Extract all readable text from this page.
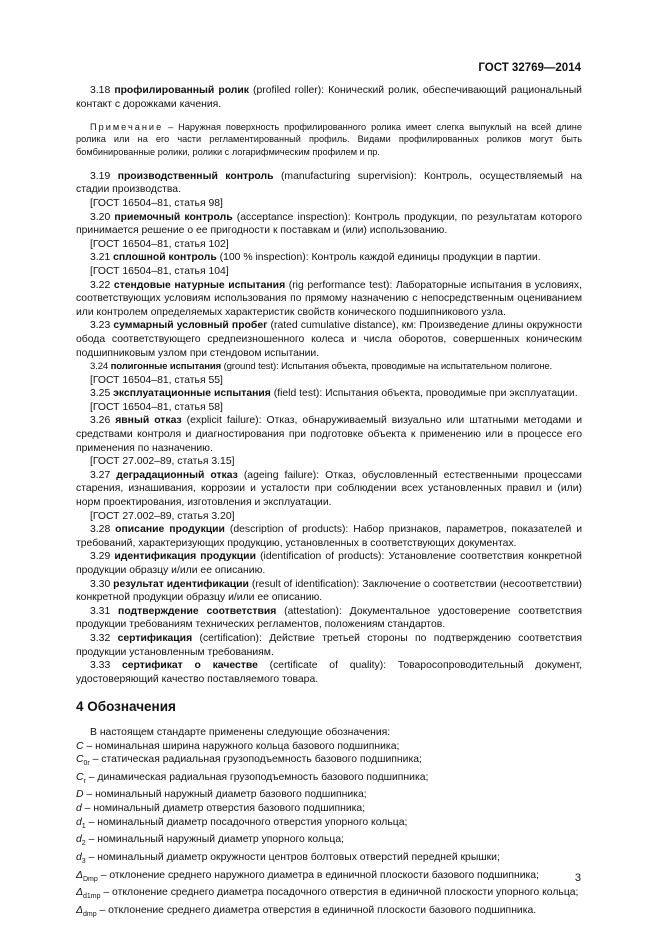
ГОСТ 32769—2014

3.18 профилированный ролик (profiled roller): Конический ролик, обеспечивающий рациональный контакт с дорожками качения.

Примечание – Наружная поверхность профилированного ролика имеет слегка выпуклый на всей длине ролика или на его части регламентированный профиль. Видами профилированных роликов могут быть бомбинированные ролики, ролики с логарифмическим профилем и пр.

3.19 производственный контроль (manufacturing supervision): Контроль, осуществляемый на стадии производства.

[ГОСТ 16504–81, статья 98]

3.20 приемочный контроль (acceptance inspection): Контроль продукции, по результатам которого принимается решение о ее пригодности к поставкам и (или) использованию.

[ГОСТ 16504–81, статья 102]

3.21 сплошной контроль (100 % inspection): Контроль каждой единицы продукции в партии.

[ГОСТ 16504–81, статья 104]

3.22 стендовые натурные испытания (rig performance test): Лабораторные испытания в условиях, соответствующих условиям использования по прямому назначению с непосредственным оцениванием или контролем определяемых характеристик свойств конического подшипникового узла.

3.23 суммарный условный пробег (rated cumulative distance), км: Произведение длины окружности обода соответствующего средneизношенного колеса и числа оборотов, совершенных коническим подшипниковым узлом при стендовом испытании.

3.24 полигонные испытания (ground test): Испытания объекта, проводимые на испытательном полигоне.

[ГОСТ 16504–81, статья 55]

3.25 эксплуатационные испытания (field test): Испытания объекта, проводимые при эксплуатации.

[ГОСТ 16504–81, статья 58]

3.26 явный отказ (explicit failure): Отказ, обнаруживаемый визуально или штатными методами и средствами контроля и диагностирования при подготовке объекта к применению или в процессе его применения по назначению.

[ГОСТ 27.002–89, статья 3.15]

3.27 деградационный отказ (ageing failure): Отказ, обусловленный естественными процессами старения, изнашивания, коррозии и усталости при соблюдении всех установленных правил и (или) норм проектирования, изготовления и эксплуатации.

[ГОСТ 27.002–89, статья 3.20]

3.28 описание продукции (description of products): Набор признаков, параметров, показателей и требований, характеризующих продукцию, установленных в соответствующих документах.

3.29 идентификация продукции (identification of products): Установление соответствия конкретной продукции образцу и/или ее описанию.

3.30 результат идентификации (result of identification): Заключение о соответствии (несоответствии) конкретной продукции образцу и/или ее описанию.

3.31 подтверждение соответствия (attestation): Документальное удостоверение соответствия продукции требованиям технических регламентов, положениям стандартов.

3.32 сертификация (certification): Действие третьей стороны по подтверждению соответствия продукции установленным требованиям.

3.33 сертификат о качестве (certificate of quality): Товаросопроводительный документ, удостоверяющий качество поставляемого товара.

4 Обозначения

В настоящем стандарте применены следующие обозначения:

C – номинальная ширина наружного кольца базового подшипника;

$C_{0r}$ – статическая радиальная грузоподъемность базового подшипника;

$C_r$ – динамическая радиальная грузоподъемность базового подшипника;

D – номинальный наружный диаметр базового подшипника;

d – номинальный диаметр отверстия базового подшипника;

$d_1$ – номинальный диаметр посадочного отверстия упорного кольца;

$d_2$ – номинальный наружный диаметр упорного кольца;

$d_3$ – номинальный диаметр окружности центров болтовых отверстий передней крышки;

$\Delta_{Dmp}$ – отклонение среднего наружного диаметра в единичной плоскости базового подшипника;

$\Delta_{d1mp}$ – отклонение среднего диаметра посадочного отверстия в единичной плоскости упорного кольца;

$\Delta_{dmp}$ – отклонение среднего диаметра отверстия в единичной плоскости базового подшипника.

3
